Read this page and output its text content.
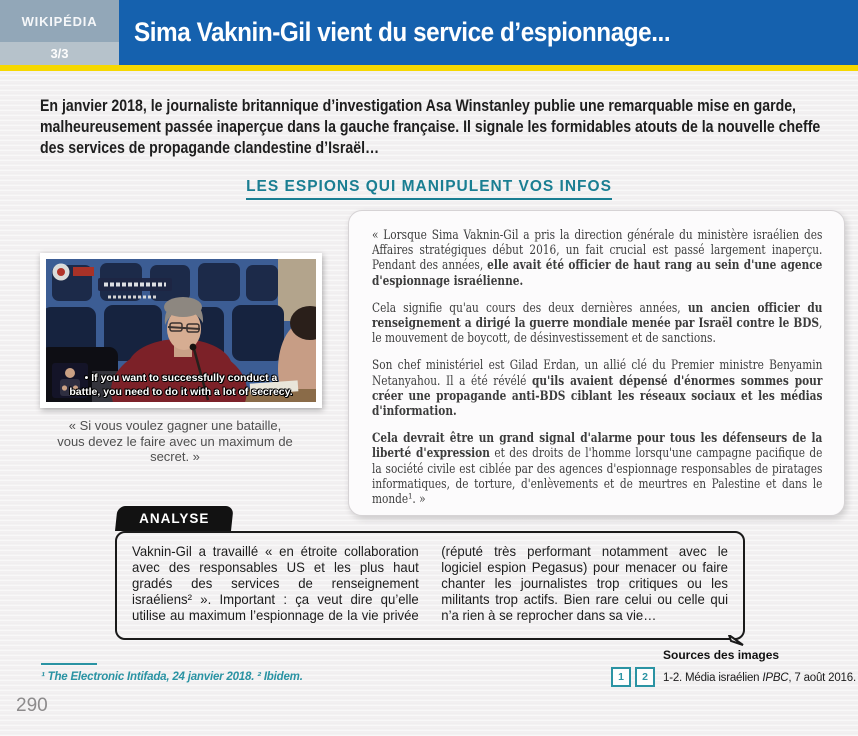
WIKIPÉDIA
3/3
Sima Vaknin-Gil vient du service d’espionnage...
En janvier 2018, le journaliste britannique d’investigation Asa Winstanley publie une remarquable mise en garde, malheureusement passée inaperçue dans la gauche française. Il signale les formidables atouts de la nouvelle cheffe des services de propagande clandestine d’Israël…
LES ESPIONS QUI MANIPULENT VOS INFOS
• If you want to successfully conduct a
battle, you need to do it with a lot of secrecy.
« Si vous voulez gagner une bataille, vous devez le faire avec un maximum de secret. »

« Lorsque Sima Vaknin-Gil a pris la direction générale du ministère israélien des Affaires stratégiques début 2016, un fait crucial est passé largement inaperçu. Pendant des années, elle avait été officier de haut rang au sein d'une agence d'espionnage israélienne.

Cela signifie qu'au cours des deux dernières années, un ancien officier du renseignement a dirigé la guerre mondiale menée par Israël contre le BDS, le mouvement de boycott, de désinvestissement et de sanctions.

Son chef ministériel est Gilad Erdan, un allié clé du Premier ministre Benyamin Netanyahou. Il a été révélé qu'ils avaient dépensé d'énormes sommes pour créer une propagande anti-BDS ciblant les réseaux sociaux et les médias d'information.

Cela devrait être un grand signal d'alarme pour tous les défenseurs de la liberté d'expression et des droits de l'homme lorsqu'une campagne pacifique de la société civile est ciblée par des agences d'espionnage responsables de piratages informatiques, de torture, d'enlèvements et de meurtres en Palestine et dans le monde¹. »

ANALYSE
Vaknin-Gil a travaillé « en étroite collaboration avec des responsables US et les plus haut gradés des services de renseignement israéliens² ». Important : ça veut dire qu’elle utilise au maximum l’espionnage de la vie privée (réputé très performant notamment avec le logiciel espion Pegasus) pour menacer ou faire chanter les journalistes trop critiques ou les militants trop actifs. Bien rare celui ou celle qui n’a rien à se reprocher dans sa vie…
¹ The Electronic Intifada, 24 janvier 2018. ² Ibidem.
Sources des images
1	2	1-2. Média israélien IPBC, 7 août 2016.
290
